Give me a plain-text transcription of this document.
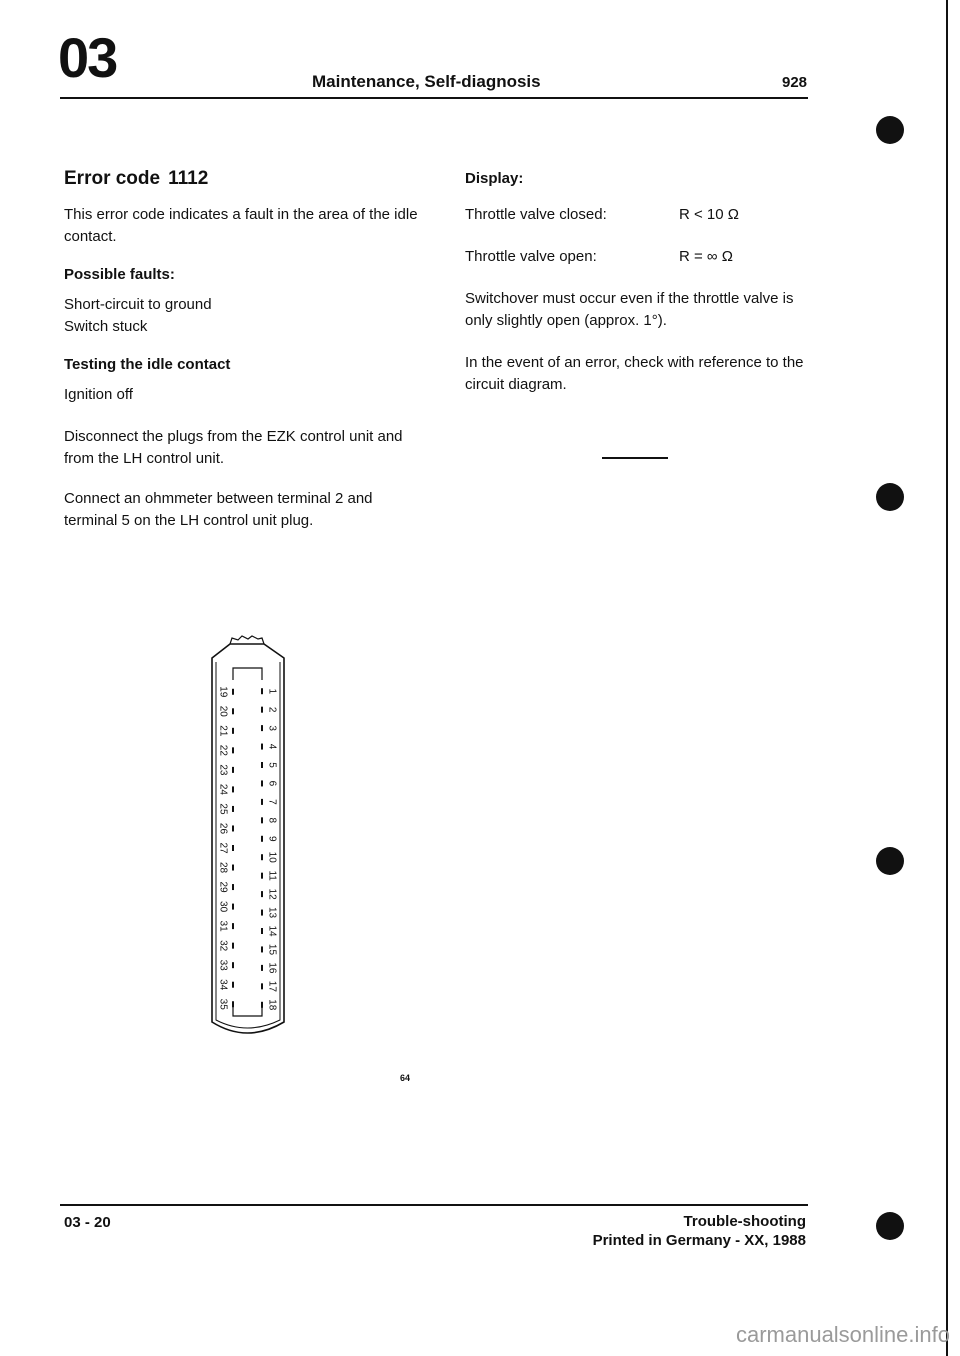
03	Maintenance, Self-diagnosis	928
Error code 1112

This error code indicates a fault in the area of the idle contact.

Possible faults:

Short-circuit to ground

Switch stuck

Testing the idle contact

Ignition off

Disconnect the plugs from the EZK control unit and from the LH control unit.

Connect an ohmmeter between terminal 2 and terminal 5 on the LH control unit plug.

Display:
Throttle valve closed:	R < 10 Ω
Throttle valve open:	R = ∞ Ω

Switchover must occur even if the throttle valve is only slightly open (approx. 1°).

In the event of an error, check with reference to the circuit diagram.

19
20
21
22
23
24
25
26
27
28
29
30
31
32
33
34
35
1
2
3
4
5
6
7
8
9
10
11
12
13
14
15
16
17
18
64
03 - 20	Trouble-shooting
Printed in Germany - XX, 1988
carmanualsonline.info
